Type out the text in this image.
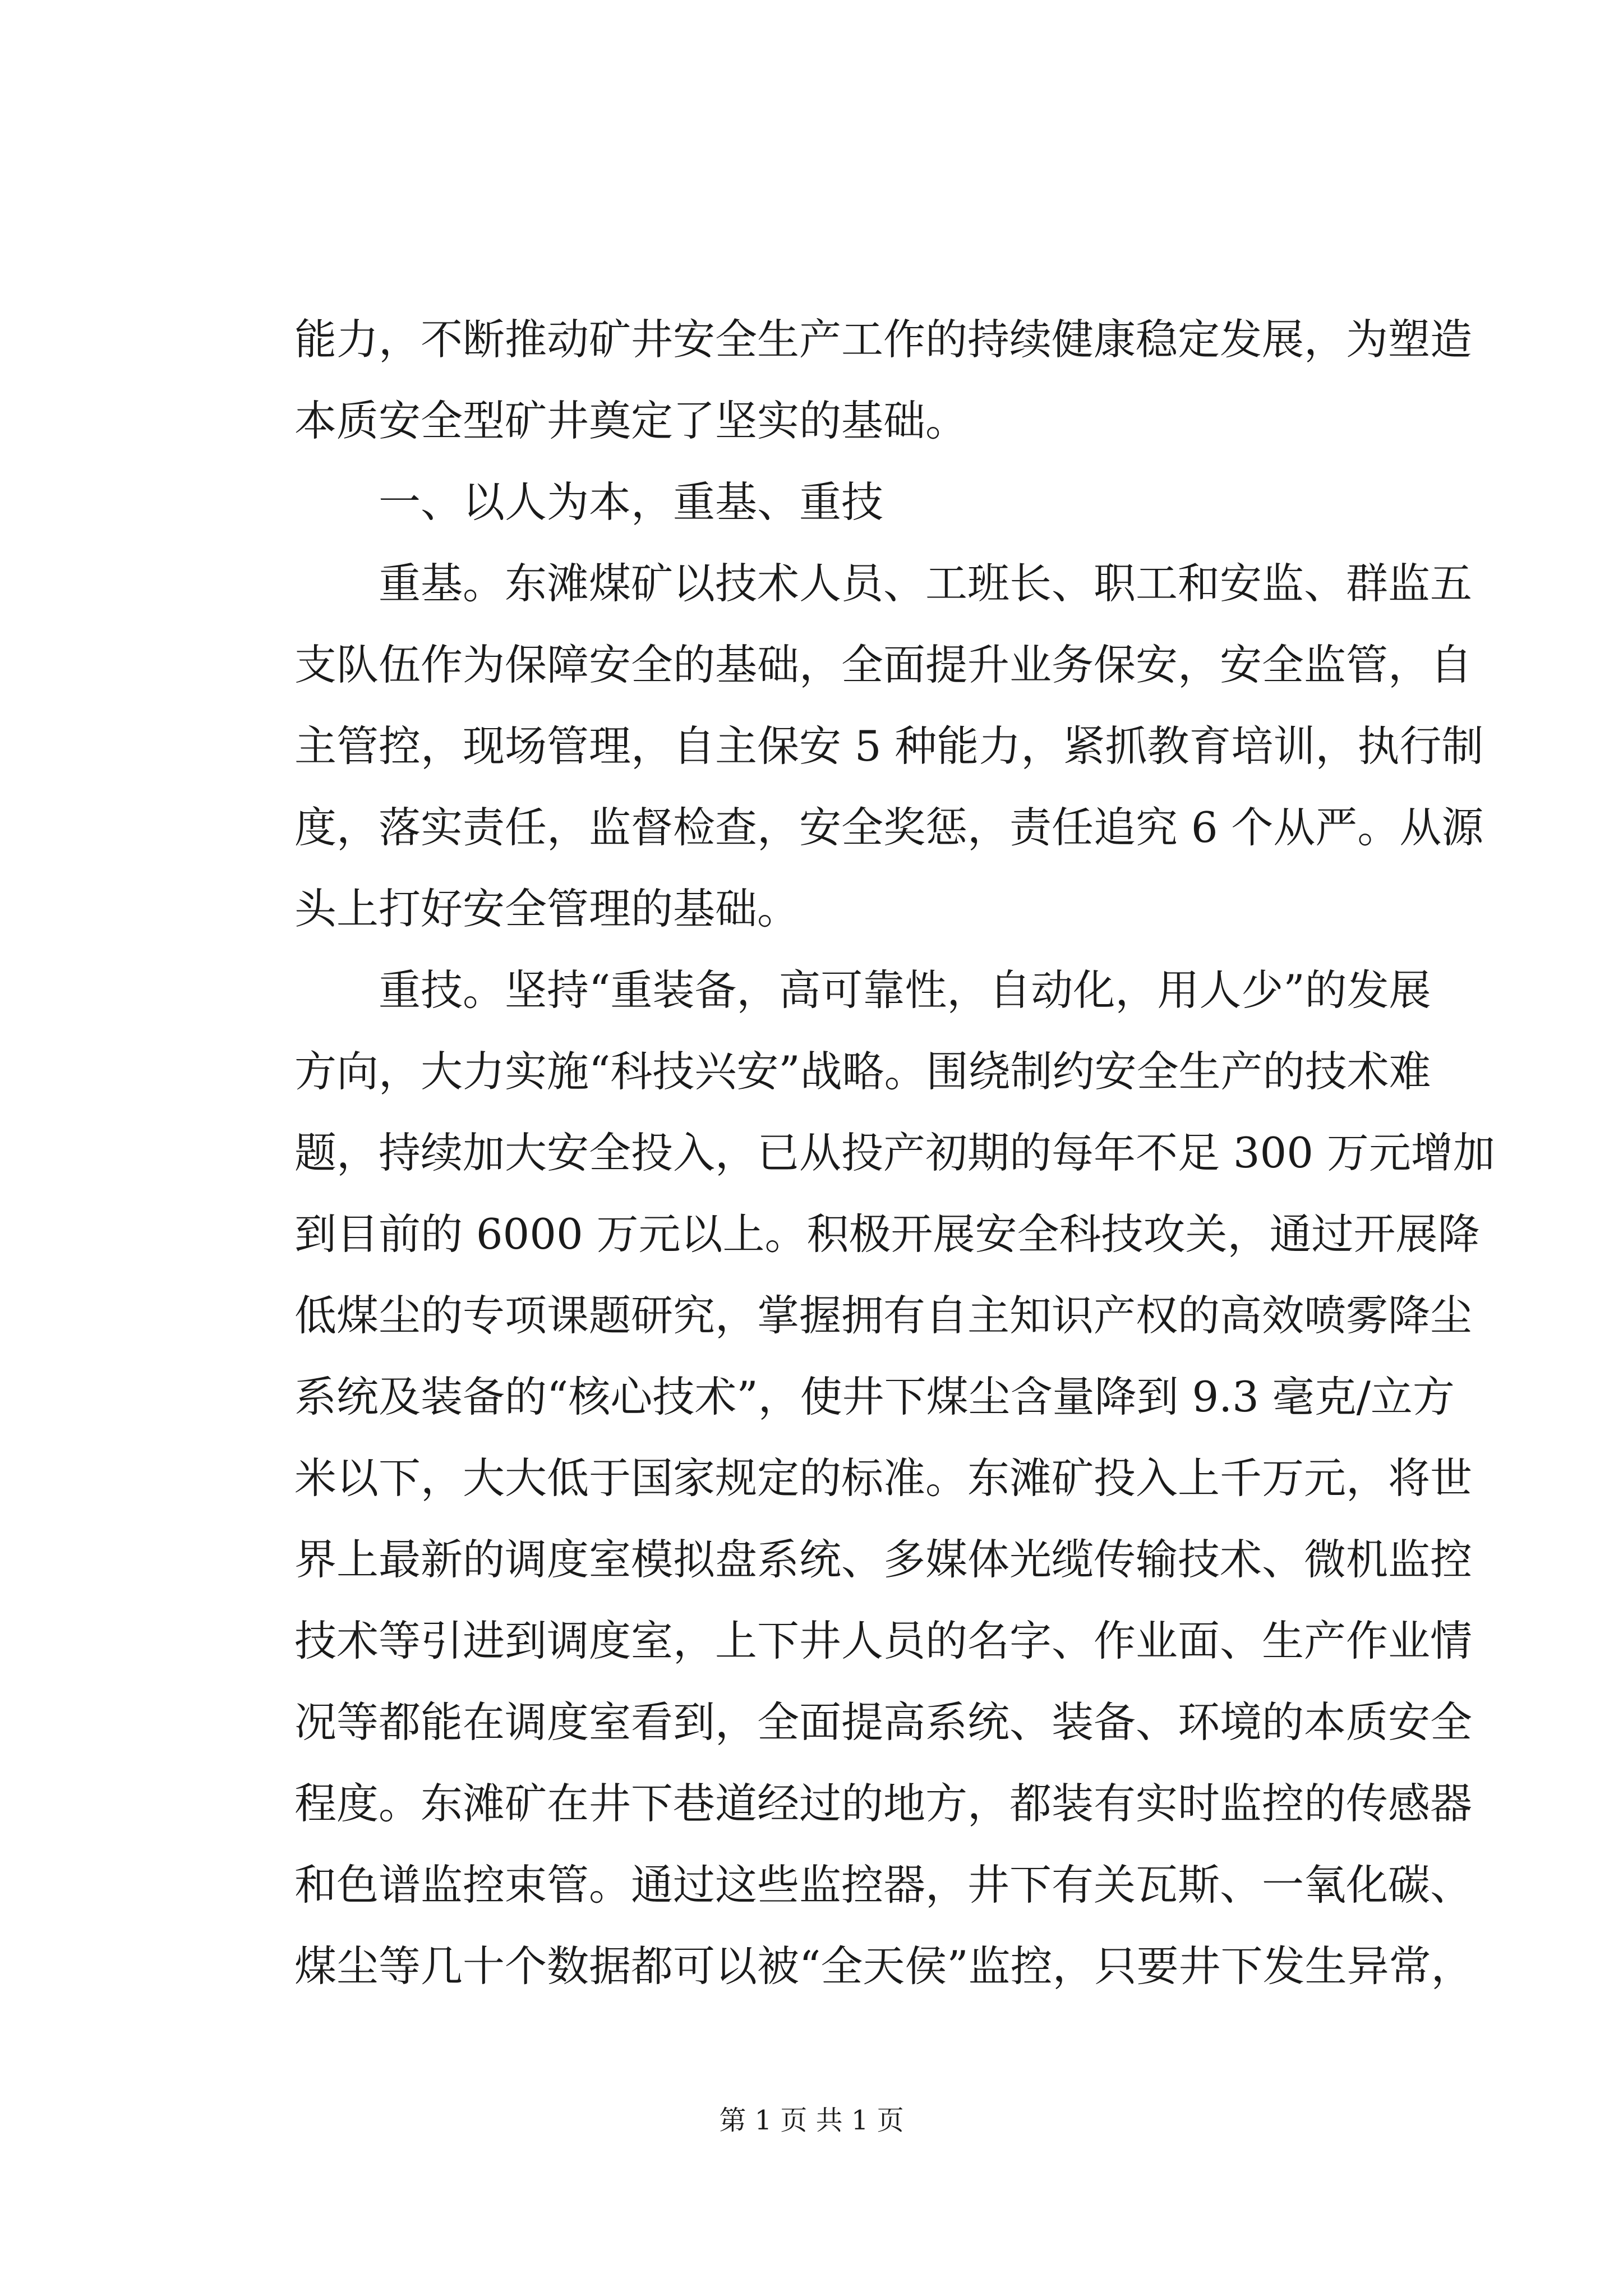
能力，不断推动矿井安全生产工作的持续健康稳定发展，为塑造
本质安全型矿井奠定了坚实的基础。
一、以人为本，重基、重技
重基。东滩煤矿以技术人员、工班长、职工和安监、群监五
支队伍作为保障安全的基础，全面提升业务保安，安全监管，自
主管控，现场管理，自主保安 5 种能力，紧抓教育培训，执行制
度，落实责任，监督检查，安全奖惩，责任追究 6 个从严。从源
头上打好安全管理的基础。
重技。坚持“重装备，高可靠性，自动化，用人少”的发展
方向，大力实施“科技兴安”战略。围绕制约安全生产的技术难
题，持续加大安全投入，已从投产初期的每年不足 300 万元增加
到目前的 6000 万元以上。积极开展安全科技攻关，通过开展降
低煤尘的专项课题研究，掌握拥有自主知识产权的高效喷雾降尘
系统及装备的“核心技术”，使井下煤尘含量降到 9.3 毫克/立方
米以下，大大低于国家规定的标准。东滩矿投入上千万元，将世
界上最新的调度室模拟盘系统、多媒体光缆传输技术、微机监控
技术等引进到调度室，上下井人员的名字、作业面、生产作业情
况等都能在调度室看到，全面提高系统、装备、环境的本质安全
程度。东滩矿在井下巷道经过的地方，都装有实时监控的传感器
和色谱监控束管。通过这些监控器，井下有关瓦斯、一氧化碳、
煤尘等几十个数据都可以被“全天侯”监控，只要井下发生异常，
第 1 页 共 1 页
